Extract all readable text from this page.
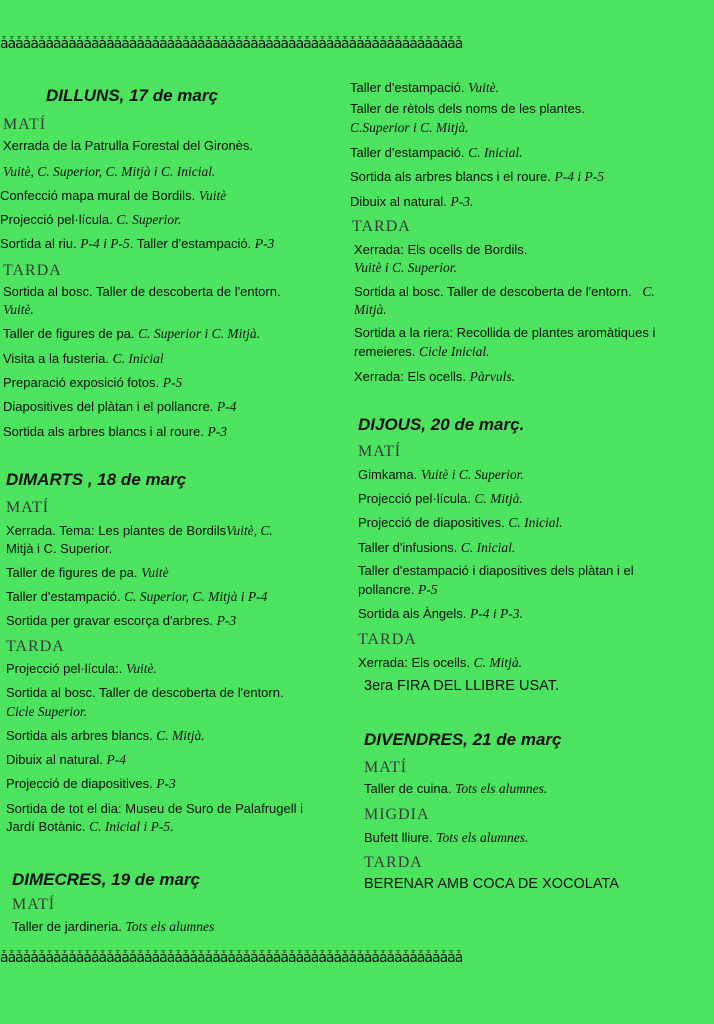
ǡǡǡǡǡǡǡǡǡǡǡǡǡǡǡǡǡǡǡǡǡǡǡǡǡǡǡǡǡǡǡǡǡǡǡǡǡǡǡǡǡǡǡǡǡǡǡǡǡǡǡǡǡǡǡǡǡǡǡǡǡ
ǡǡǡǡǡǡǡǡǡǡǡǡǡǡǡǡǡǡǡǡǡǡǡǡǡǡǡǡǡǡǡǡǡǡǡǡǡǡǡǡǡǡǡǡǡǡǡǡǡǡǡǡǡǡǡǡǡǡǡǡǡ
DILLUNS, 17 de març
MATÍ
Xerrada de la Patrulla Forestal del Gironès.
Vuitè, C. Superior, C. Mitjà i C. Inicial.
Confecció mapa mural de Bordils. Vuitè
Projecció pel·lícula. C. Superior.
Sortida al riu. P-4 i P-5. Taller d'estampació. P-3
TARDA
Sortida al bosc. Taller de descoberta de l'entorn.
Vuitè.
Taller de figures de pa. C. Superior i C. Mitjà.
Visita a la fusteria. C. Inicial
Preparació exposició fotos. P-5
Diapositives del plàtan i el pollancre. P-4
Sortida als arbres blancs i al roure. P-3
DIMARTS , 18 de març
MATÍ
Xerrada. Tema: Les plantes de BordilsVuitè, C.
Mitjà i C. Superior.
Taller de figures de pa. Vuitè
Taller d'estampació. C. Superior, C. Mitjà i P-4
Sortida per gravar escorça d'arbres. P-3
TARDA
Projecció pel·lícula:. Vuitè.
Sortida al bosc. Taller de descoberta de l'entorn.
Cicle Superior.
Sortida als arbres blancs. C. Mitjà.
Dibuix al natural. P-4
Projecció de diapositives. P-3
Sortida de tot el dia: Museu de Suro de Palafrugell i
Jardí Botànic. C. Inicial i P-5.
DIMECRES, 19 de març
MATÍ
Taller de jardineria. Tots els alumnes
Taller d'estampació. Vuitè.
Taller de rètols dels noms de les plantes.
C.Superior i C. Mitjà.
Taller d'estampació. C. Inicial.
Sortida als arbres blancs i el roure. P-4 i P-5
Dibuix al natural. P-3.
TARDA
Xerrada: Els ocells de Bordils.
Vuitè i C. Superior.
Sortida al bosc. Taller de descoberta de l'entorn. C.
Mitjà.
Sortida a la riera: Recollida de plantes aromàtiques i
remeieres. Cicle Inicial.
Xerrada: Els ocells. Pàrvuls.
DIJOUS, 20 de març.
MATÍ
Gimkama. Vuitè i C. Superior.
Projecció pel·lícula. C. Mitjà.
Projecció de diapositives. C. Inicial.
Taller d'infusions. C. Inicial.
Taller d'estampació i diapositives dels plàtan i el
pollancre. P-5
Sortida als Àngels. P-4 i P-3.
TARDA
Xerrada: Els ocells. C. Mitjà.
3era FIRA DEL LLIBRE USAT.
DIVENDRES, 21 de març
MATÍ
Taller de cuina. Tots els alumnes.
MIGDIA
Bufett lliure. Tots els alumnes.
TARDA
BERENAR AMB COCA DE XOCOLATA
